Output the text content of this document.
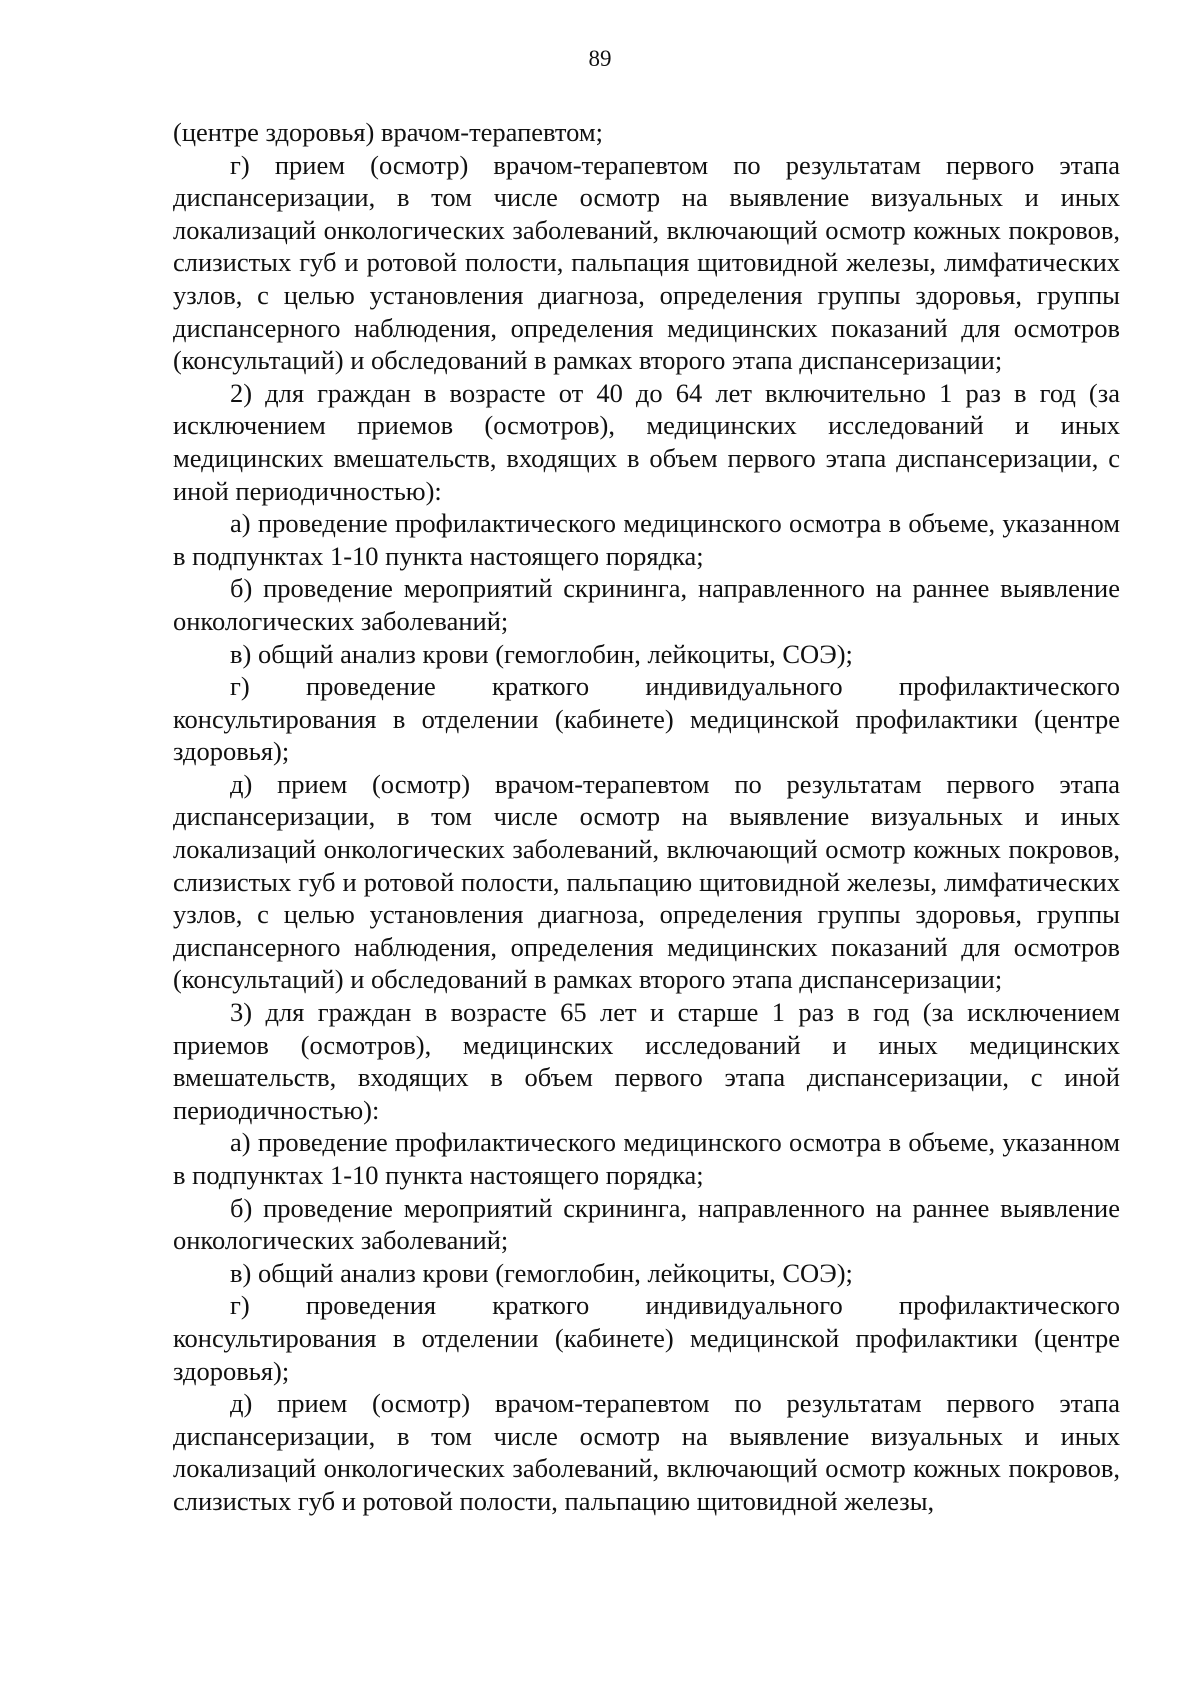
89

(центре здоровья) врачом-терапевтом;

г) прием (осмотр) врачом-терапевтом по результатам первого этапа диспансеризации, в том числе осмотр на выявление визуальных и иных локализаций онкологических заболеваний, включающий осмотр кожных покровов, слизистых губ и ротовой полости, пальпация щитовидной железы, лимфатических узлов, с целью установления диагноза, определения группы здоровья, группы диспансерного наблюдения, определения медицинских показаний для осмотров (консультаций) и обследований в рамках второго этапа диспансеризации;

2) для граждан в возрасте от 40 до 64 лет включительно 1 раз в год (за исключением приемов (осмотров), медицинских исследований и иных медицинских вмешательств, входящих в объем первого этапа диспансеризации, с иной периодичностью):

а) проведение профилактического медицинского осмотра в объеме, указанном в подпунктах 1-10 пункта настоящего порядка;

б) проведение мероприятий скрининга, направленного на раннее выявление онкологических заболеваний;

в) общий анализ крови (гемоглобин, лейкоциты, СОЭ);

г) проведение краткого индивидуального профилактического консультирования в отделении (кабинете) медицинской профилактики (центре здоровья);

д) прием (осмотр) врачом-терапевтом по результатам первого этапа диспансеризации, в том числе осмотр на выявление визуальных и иных локализаций онкологических заболеваний, включающий осмотр кожных покровов, слизистых губ и ротовой полости, пальпацию щитовидной железы, лимфатических узлов, с целью установления диагноза, определения группы здоровья, группы диспансерного наблюдения, определения медицинских показаний для осмотров (консультаций) и обследований в рамках второго этапа диспансеризации;

3) для граждан в возрасте 65 лет и старше 1 раз в год (за исключением приемов (осмотров), медицинских исследований и иных медицинских вмешательств, входящих в объем первого этапа диспансеризации, с иной периодичностью):

а) проведение профилактического медицинского осмотра в объеме, указанном в подпунктах 1-10 пункта настоящего порядка;

б) проведение мероприятий скрининга, направленного на раннее выявление онкологических заболеваний;

в) общий анализ крови (гемоглобин, лейкоциты, СОЭ);

г) проведения краткого индивидуального профилактического консультирования в отделении (кабинете) медицинской профилактики (центре здоровья);

д) прием (осмотр) врачом-терапевтом по результатам первого этапа диспансеризации, в том числе осмотр на выявление визуальных и иных локализаций онкологических заболеваний, включающий осмотр кожных покровов, слизистых губ и ротовой полости, пальпацию щитовидной железы,
